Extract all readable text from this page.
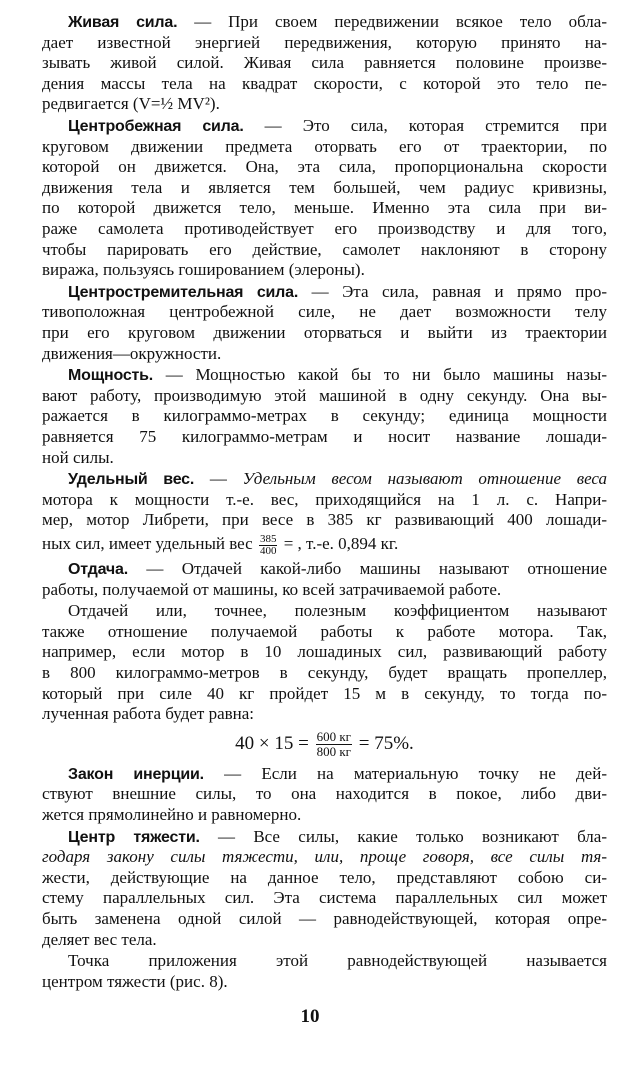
Живая сила. — При своем передвижении всякое тело обла-
дает известной энергией передвижения, которую принято на-
зывать живой силой. Живая сила равняется половине произве-
дения массы тела на квадрат скорости, с которой это тело пе-
редвигается (V=½ MV²).
Центробежная сила. — Это сила, которая стремится при
круговом движении предмета оторвать его от траектории, по
которой он движется. Она, эта сила, пропорциональна скорости
движения тела и является тем большей, чем радиус кривизны,
по которой движется тело, меньше. Именно эта сила при ви-
раже самолета противодействует его производству и для того,
чтобы парировать его действие, самолет наклоняют в сторону
виража, пользуясь гошированием (элероны).
Центростремительная сила. — Эта сила, равная и прямо про-
тивоположная центробежной силе, не дает возможности телу
при его круговом движении оторваться и выйти из траектории
движения—окружности.
Мощность. — Мощностью какой бы то ни было машины назы-
вают работу, производимую этой машиной в одну секунду. Она вы-
ражается в килограммо-метрах в секунду; единица мощности
равняется 75 килограммо-метрам и носит название лошади-
ной силы.
Удельный вес. — Удельным весом называют отношение веса
мотора к мощности т.-е. вес, приходящийся на 1 л. с. Напри-
мер, мотор Либрети, при весе в 385 кг развивающий 400 лошади-
ных сил, имеет удельный вес $\frac{385}{400}$ = , т.-е. 0,894 кг.
Отдача. — Отдачей какой-либо машины называют отношение
работы, получаемой от машины, ко всей затрачиваемой работе.
Отдачей или, точнее, полезным коэффициентом называют
также отношение получаемой работы к работе мотора. Так,
например, если мотор в 10 лошадиных сил, развивающий работу
в 800 килограммо-метров в секунду, будет вращать пропеллер,
который при силе 40 кг пройдет 15 м в секунду, то тогда по-
лученная работа будет равна:
$40 \times 15 = \frac{600 кг}{800 кг} = 75\%$.
Закон инерции. — Если на материальную точку не дей-
ствуют внешние силы, то она находится в покое, либо дви-
жется прямолинейно и равномерно.
Центр тяжести. — Все силы, какие только возникают бла-
годаря закону силы тяжести, или, проще говоря, все силы тя-
жести, действующие на данное тело, представляют собою си-
стему параллельных сил. Эта система параллельных сил может
быть заменена одной силой — равнодействующей, которая опре-
деляет вес тела.
Точка приложения этой равнодействующей называется
центром тяжести (рис. 8).
10
